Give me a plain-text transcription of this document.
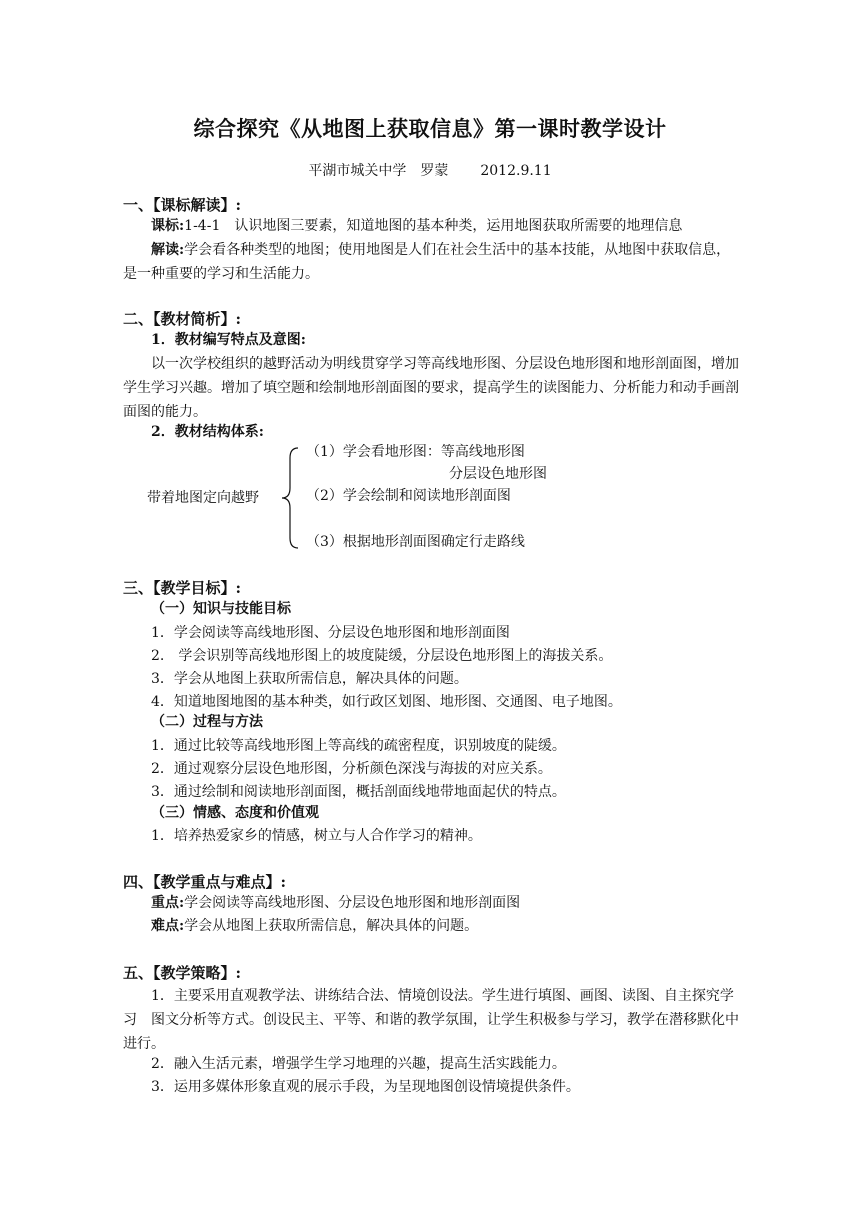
综合探究《从地图上获取信息》第一课时教学设计
平湖市城关中学　罗蒙 2012.9.11
一、【课标解读】:
课标:1-4-1　认识地图三要素，知道地图的基本种类，运用地图获取所需要的地理信息
解读:学会看各种类型的地图；使用地图是人们在社会生活中的基本技能，从地图中获取信息，是一种重要的学习和生活能力。
二、【教材简析】:
1．教材编写特点及意图:
以一次学校组织的越野活动为明线贯穿学习等高线地形图、分层设色地形图和地形剖面图，增加学生学习兴趣。增加了填空题和绘制地形剖面图的要求，提高学生的读图能力、分析能力和动手画剖面图的能力。
2．教材结构体系:
带着地图定向越野
（1）学会看地形图：等高线地形图
分层设色地形图
（2）学会绘制和阅读地形剖面图
（3）根据地形剖面图确定行走路线
三、【教学目标】:
（一）知识与技能目标
1．学会阅读等高线地形图、分层设色地形图和地形剖面图
2.　学会识别等高线地形图上的坡度陡缓，分层设色地形图上的海拔关系。
3．学会从地图上获取所需信息，解决具体的问题。
4．知道地图地图的基本种类，如行政区划图、地形图、交通图、电子地图。
（二）过程与方法
1．通过比较等高线地形图上等高线的疏密程度，识别坡度的陡缓。
2．通过观察分层设色地形图，分析颜色深浅与海拔的对应关系。
3．通过绘制和阅读地形剖面图，概括剖面线地带地面起伏的特点。
（三）情感、态度和价值观
1．培养热爱家乡的情感，树立与人合作学习的精神。
四、【教学重点与难点】:
重点:学会阅读等高线地形图、分层设色地形图和地形剖面图
难点:学会从地图上获取所需信息，解决具体的问题。
五、【教学策略】:
1．主要采用直观教学法、讲练结合法、情境创设法。学生进行填图、画图、读图、自主探究学习　图文分析等方式。创设民主、平等、和谐的教学氛围，让学生积极参与学习，教学在潜移默化中进行。
2．融入生活元素，增强学生学习地理的兴趣，提高生活实践能力。
3．运用多媒体形象直观的展示手段，为呈现地图创设情境提供条件。
